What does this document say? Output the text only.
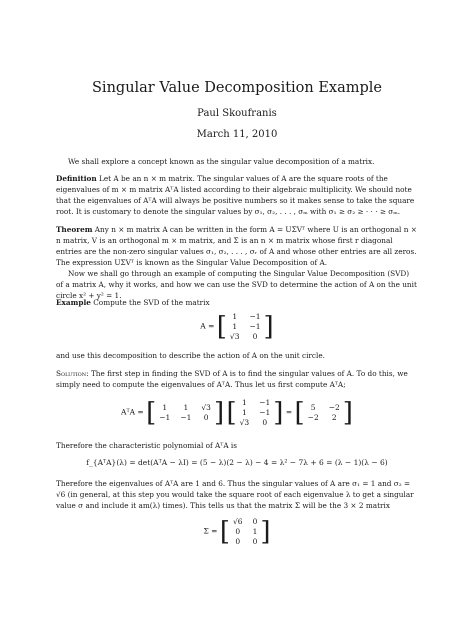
Singular Value Decomposition Example
Paul Skoufranis
March 11, 2010
We shall explore a concept known as the singular value decomposition of a matrix.
Definition Let A be an n × m matrix. The singular values of A are the square roots of the eigenvalues of m × m matrix AᵀA listed according to their algebraic multiplicity. We should note that the eigenvalues of AᵀA will always be positive numbers so it makes sense to take the square root. It is customary to denote the singular values by σ₁, σ₂, . . . , σₘ with σ₁ ≥ σ₂ ≥ · · · ≥ σₘ.
Theorem Any n × m matrix A can be written in the form A = UΣVᵀ where U is an orthogonal n × n matrix, V is an orthogonal m × m matrix, and Σ is an n × m matrix whose first r diagonal entries are the non-zero singular values σ₁, σ₂, . . . , σᵣ of A and whose other entries are all zeros. The expression UΣVᵀ is known as the Singular Value Decomposition of A.
Now we shall go through an example of computing the Singular Value Decomposition (SVD) of a matrix A, why it works, and how we can use the SVD to determine the action of A on the unit circle x² + y² = 1.
Example Compute the SVD of the matrix
A = [ 1	−1
1	−1
√3	0 ]
and use this decomposition to describe the action of A on the unit circle.
Solution: The first step in finding the SVD of A is to find the singular values of A. To do this, we simply need to compute the eigenvalues of AᵀA. Thus let us first compute AᵀA;
AᵀA = [ 1	1	√3
−1 −1	0 ]
[ 1	−1
1	−1
√3	0 ] = [ 5	−2
−2	2 ]
Therefore the characteristic polynomial of AᵀA is
f_{AᵀA}(λ) = det(AᵀA − λI) = (5 − λ)(2 − λ) − 4 = λ² − 7λ + 6 = (λ − 1)(λ − 6)
Therefore the eigenvalues of AᵀA are 1 and 6. Thus the singular values of A are σ₁ = 1 and σ₂ = √6 (in general, at this step you would take the square root of each eigenvalue λ to get a singular value σ and include it am(λ) times). This tells us that the matrix Σ will be the 3 × 2 matrix
Σ = [ √6 0
0	1
0	0 ]
